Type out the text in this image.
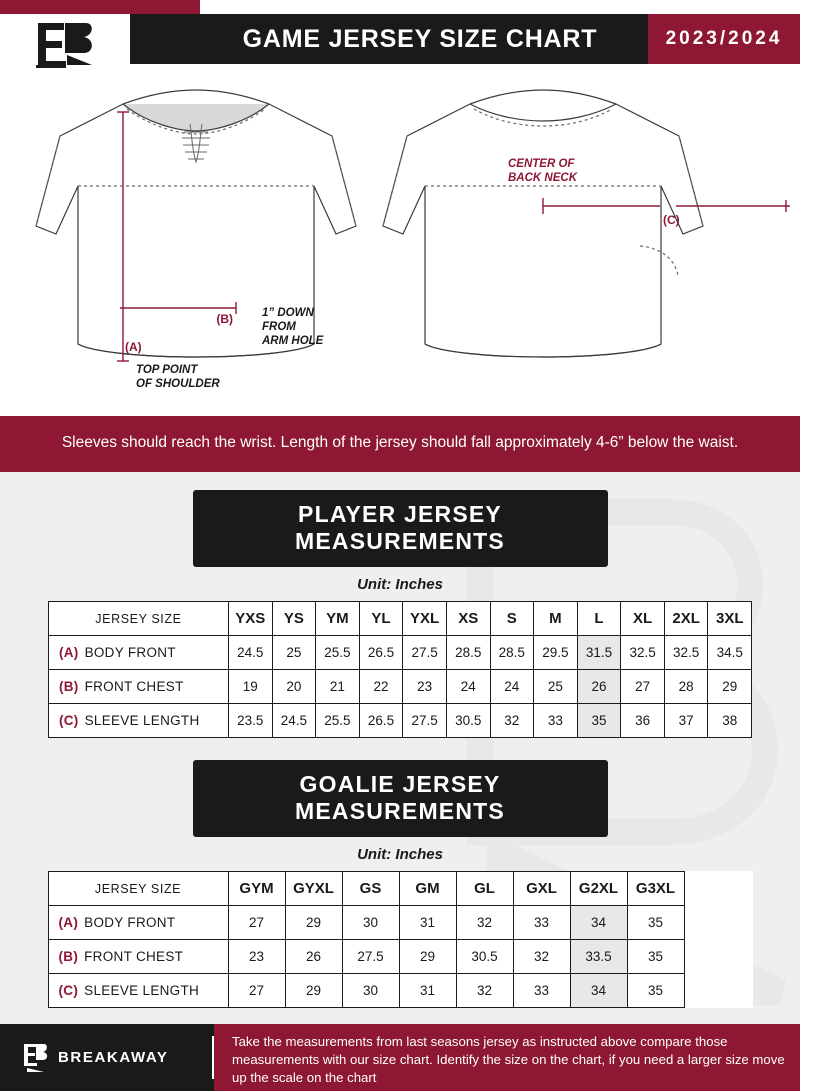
GAME JERSEY SIZE CHART	2023/2024
(B)
(A)
(C)
1” DOWN
FROM
ARM HOLE
TOP POINT
OF SHOULDER
CENTER OF
BACK NECK
Sleeves should reach the wrist. Length of the jersey should fall approximately 4-6” below the waist.
PLAYER JERSEY MEASUREMENTS
Unit: Inches
JERSEY SIZE	YXS	YS	YM	YL	YXL	XS	S	M	L	XL	2XL	3XL
(A) BODY FRONT	24.5	25	25.5	26.5	27.5	28.5	28.5	29.5	31.5	32.5	32.5	34.5
(B) FRONT CHEST	19	20	21	22	23	24	24	25	26	27	28	29
(C) SLEEVE LENGTH	23.5	24.5	25.5	26.5	27.5	30.5	32	33	35	36	37	38
GOALIE JERSEY MEASUREMENTS
Unit: Inches
JERSEY SIZE	GYM	GYXL	GS	GM	GL	GXL	G2XL	G3XL	
(A) BODY FRONT	27	29	30	31	32	33	34	35	
(B) FRONT CHEST	23	26	27.5	29	30.5	32	33.5	35	
(C) SLEEVE LENGTH	27	29	30	31	32	33	34	35	
BREAKAWAY
Take the measurements from last seasons jersey as instructed above compare those measurements with our size chart. Identify the size on the chart, if you need a larger size move up the scale on the chart
